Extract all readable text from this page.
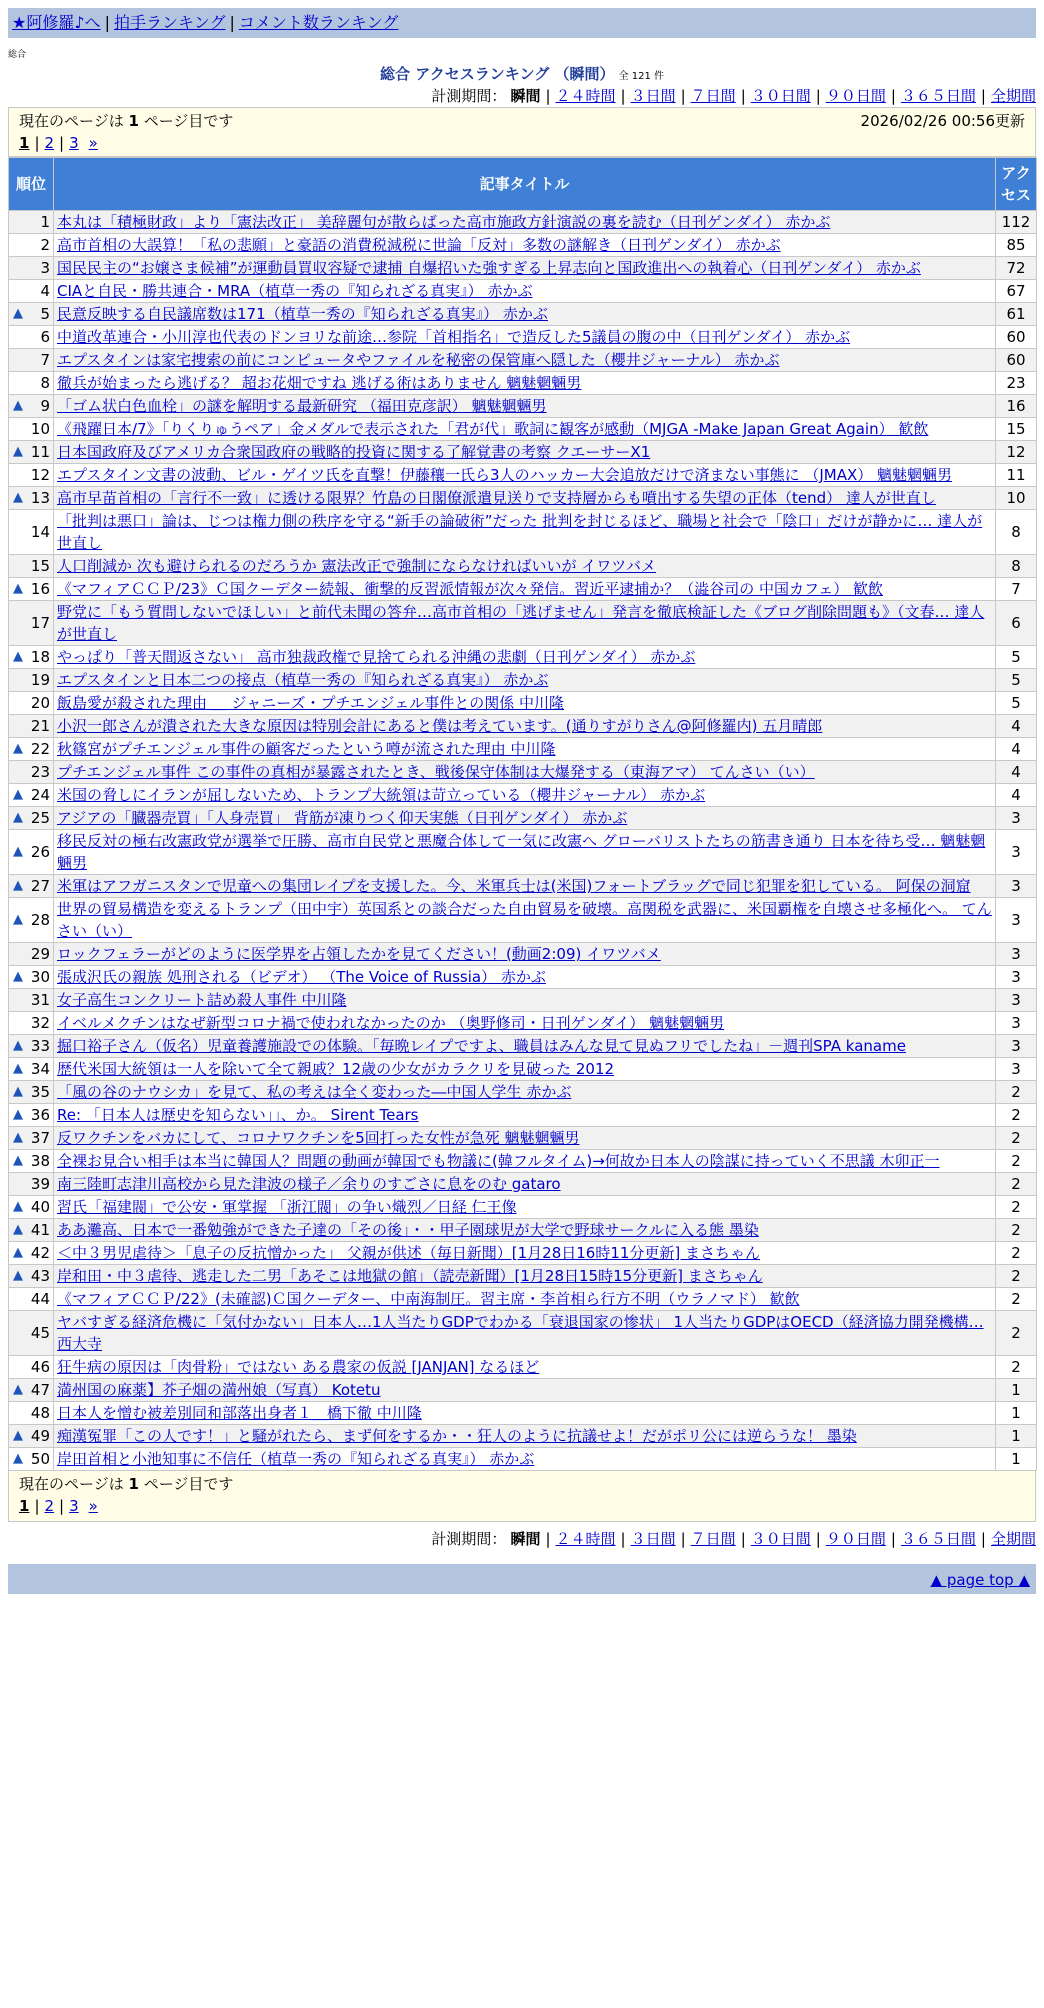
★阿修羅♪へ | 拍手ランキング | コメント数ランキング
総合
総合 アクセスランキング （瞬間） 全 121 件
計測期間： 瞬間 | ２４時間 | ３日間 | ７日間 | ３０日間 | ９０日間 | ３６５日間 | 全期間
現在のページは 1 ページ目です	2026/02/26 00:56更新
1 | 2 | 3 »
順位	記事タイトル	アクセス
1	本丸は「積極財政」より「憲法改正」 美辞麗句が散らばった高市施政方針演説の裏を読む（日刊ゲンダイ） 赤かぶ	112
2	高市首相の大誤算！「私の悲願」と豪語の消費税減税に世論「反対」多数の謎解き（日刊ゲンダイ） 赤かぶ	85
3	国民民主の“お嬢さま候補”が運動員買収容疑で逮捕 自爆招いた強すぎる上昇志向と国政進出への執着心（日刊ゲンダイ） 赤かぶ	72
4	CIAと自民・勝共連合・MRA（植草一秀の『知られざる真実』） 赤かぶ	67

▲ 5	民意反映する自民議席数は171（植草一秀の『知られざる真実』） 赤かぶ	61
6	中道改革連合・小川淳也代表のドンヨリな前途…参院「首相指名」で造反した5議員の腹の中（日刊ゲンダイ） 赤かぶ	60
7	エプスタインは家宅捜索の前にコンピュータやファイルを秘密の保管庫へ隠した（櫻井ジャーナル） 赤かぶ	60
8	徹兵が始まったら逃げる？ 超お花畑ですね 逃げる術はありません 魑魅魍魎男	23

▲ 9	「ゴム状白色血栓」の謎を解明する最新研究 （福田克彦訳） 魑魅魍魎男	16
10	《飛躍日本/7》「りくりゅうペア」金メダルで表示された「君が代」歌詞に観客が感動（MJGA -Make Japan Great Again） 歓飲	15

▲ 11	日本国政府及びアメリカ合衆国政府の戦略的投資に関する了解覚書の考察 クエーサーX1	12
12	エプスタイン文書の波動、ビル・ゲイツ氏を直撃！伊藤穰一氏ら3人のハッカー大会追放だけで済まない事態に （JMAX） 魑魅魍魎男	11

▲ 13	高市早苗首相の「言行不一致」に透ける限界？竹島の日閣僚派遣見送りで支持層からも噴出する失望の正体（tend） 達人が世直し	10
14	「批判は悪口」論は、じつは権力側の秩序を守る“新手の論破術”だった 批判を封じるほど、職場と社会で「陰口」だけが静かに… 達人が世直し	8
15	人口削減か 次も避けられるのだろうか 憲法改正で強制にならなければいいが イワツバメ	8

▲ 16	《マフィアＣＣＰ/23》Ｃ国クーデター続報、衝撃的反習派情報が次々発信。習近平逮捕か？（澁谷司の 中国カフェ） 歓飲	7
17	野党に「もう質問しないでほしい」と前代未聞の答弁…高市首相の「逃げません」発言を徹底検証した《ブログ削除問題も》（文春… 達人が世直し	6

▲ 18	やっぱり「普天間返さない」 高市独裁政権で見捨てられる沖縄の悲劇（日刊ゲンダイ） 赤かぶ	5
19	エプスタインと日本二つの接点（植草一秀の『知られざる真実』） 赤かぶ	5
20	飯島愛が殺された理由 ＿ ジャニーズ・プチエンジェル事件との関係 中川隆	5
21	小沢一郎さんが潰された大きな原因は特別会計にあると僕は考えています。(通りすがりさん@阿修羅内) 五月晴郎	4

▲ 22	秋篠宮がプチエンジェル事件の顧客だったという噂が流された理由 中川隆	4
23	プチエンジェル事件 この事件の真相が暴露されたとき、戦後保守体制は大爆発する（東海アマ） てんさい（い）	4

▲ 24	米国の脅しにイランが屈しないため、トランプ大統領は苛立っている（櫻井ジャーナル） 赤かぶ	4

▲ 25	アジアの「臓器売買」「人身売買」 背筋が凍りつく仰天実態（日刊ゲンダイ） 赤かぶ	3

▲ 26	移民反対の極右改憲政党が選挙で圧勝、高市自民党と悪魔合体して一気に改憲へ グローバリストたちの筋書き通り 日本を待ち受… 魑魅魍魎男	3

▲ 27	米軍はアフガニスタンで児童への集団レイプを支援した。今、米軍兵士は(米国)フォートブラッグで同じ犯罪を犯している。 阿保の洞窟	3

▲ 28	世界の貿易構造を変えるトランプ（田中宇）英国系との談合だった自由貿易を破壊。高関税を武器に、米国覇権を自壊させ多極化へ。 てんさい（い）	3
29	ロックフェラーがどのように医学界を占領したかを見てください！(動画2:09) イワツバメ	3

▲ 30	張成沢氏の親族 処刑される（ビデオ） （The Voice of Russia） 赤かぶ	3
31	女子高生コンクリート詰め殺人事件 中川隆	3
32	イベルメクチンはなぜ新型コロナ禍で使われなかったのか （奥野修司・日刊ゲンダイ） 魑魅魍魎男	3

▲ 33	掘口裕子さん（仮名）児童養護施設での体験。「毎晩レイプですよ、職員はみんな見て見ぬフリでしたね」－週刊SPA kaname	3

▲ 34	歴代米国大統領は一人を除いて全て親戚？12歳の少女がカラクリを見破った 2012	3

▲ 35	「風の谷のナウシカ」を見て、私の考えは全く変わった―中国人学生 赤かぶ	2

▲ 36	Re: 「日本人は歴史を知らない」」、か。 Sirent Tears	2

▲ 37	反ワクチンをバカにして、コロナワクチンを5回打った女性が急死 魑魅魍魎男	2

▲ 38	全裸お見合い相手は本当に韓国人？問題の動画が韓国でも物議に(韓フルタイム)→何故か日本人の陰謀に持っていく不思議 木卯正一	2
39	南三陸町志津川高校から見た津波の様子／余りのすごさに息をのむ gataro	2

▲ 40	習氏「福建閥」で公安・軍掌握 「浙江閥」の争い熾烈／日経 仁王像	2

▲ 41	ああ灘高、日本で一番勉強ができた子達の「その後」・・甲子園球児が大学で野球サークルに入る態 墨染	2

▲ 42	＜中３男児虐待＞「息子の反抗憎かった」 父親が供述（毎日新聞）[1月28日16時11分更新] まさちゃん	2

▲ 43	岸和田・中３虐待、逃走した二男「あそこは地獄の館」（読売新聞）[1月28日15時15分更新] まさちゃん	2
44	《マフィアＣＣＰ/22》(未確認)Ｃ国クーデター、中南海制圧。習主席・李首相ら行方不明（ウラノマド） 歓飲	2
45	ヤバすぎる経済危機に「気付かない」日本人…1人当たりGDPでわかる「衰退国家の惨状」 1人当たりGDPはOECD（経済協力開発機構… 西大寺	2
46	狂牛病の原因は「肉骨粉」ではない ある農家の仮説 [JANJAN] なるほど	2

▲ 47	満州国の麻薬】芥子畑の満州娘（写真） Kotetu	1
48	日本人を憎む被差別同和部落出身者１＿橋下徹 中川隆	1

▲ 49	痴漢冤罪「この人です！」と騒がれたら、まず何をするか・・狂人のように抗議せよ！だがポリ公には逆らうな！ 墨染	1

▲ 50	岸田首相と小池知事に不信任（植草一秀の『知られざる真実』） 赤かぶ	1
現在のページは 1 ページ目です
1 | 2 | 3 »
計測期間： 瞬間 | ２４時間 | ３日間 | ７日間 | ３０日間 | ９０日間 | ３６５日間 | 全期間
▲ page top ▲
